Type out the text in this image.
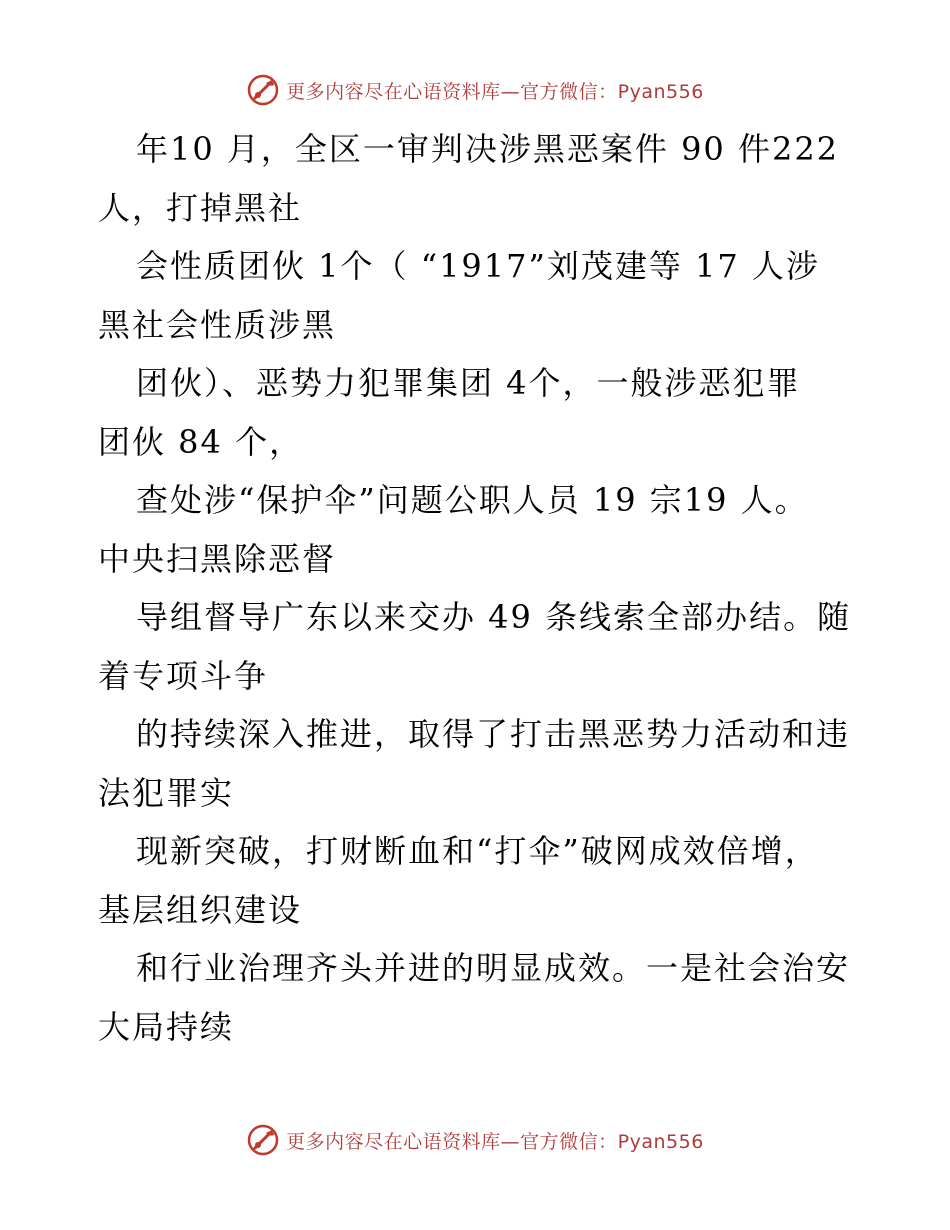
更多内容尽在心语资料库—官方微信：Pyan556
年10 月，全区一审判决涉黑恶案件 90 件222
人，打掉黑社
会性质团伙 1个（ “1917”刘茂建等 17 人涉
黑社会性质涉黑
团伙）、恶势力犯罪集团 4个，一般涉恶犯罪
团伙 84 个，
查处涉“保护伞”问题公职人员 19 宗19 人。
中央扫黑除恶督
导组督导广东以来交办 49 条线索全部办结。随
着专项斗争
的持续深入推进，取得了打击黑恶势力活动和违
法犯罪实
现新突破，打财断血和“打伞”破网成效倍增，
基层组织建设
和行业治理齐头并进的明显成效。一是社会治安
大局持续
更多内容尽在心语资料库—官方微信：Pyan556
